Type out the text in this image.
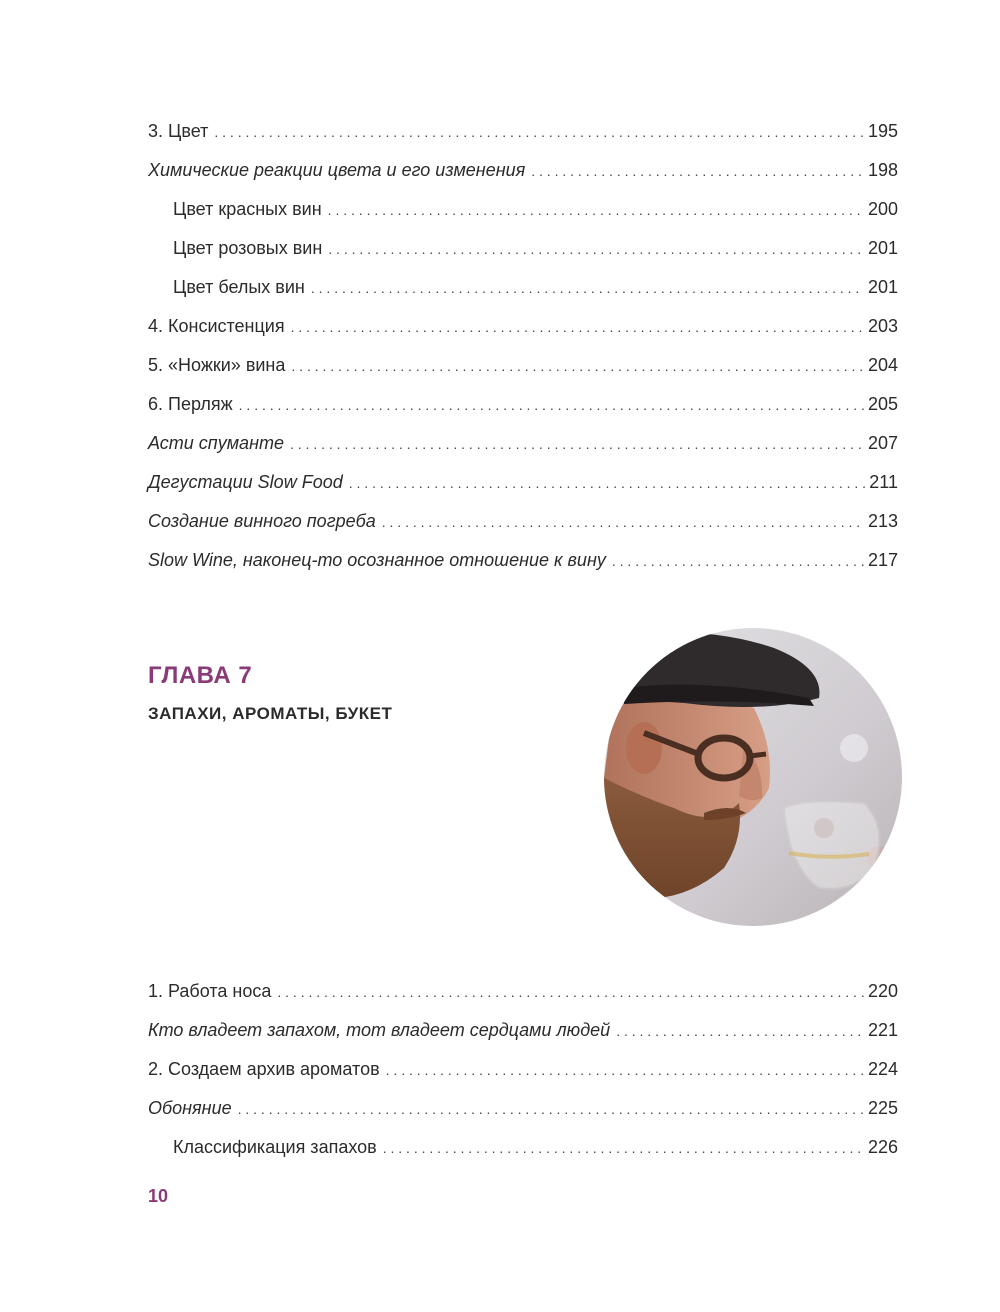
3. Цвет . . .	195
Химические реакции цвета и его изменения . . .	198
Цвет красных вин . . .	200
Цвет розовых вин . . .	201
Цвет белых вин . . .	201
4. Консистенция . . .	203
5. «Ножки» вина . . .	204
6. Перляж . . .	205
Асти спуманте . . .	207
Дегустации Slow Food . . .	211
Создание винного погреба . . .	213
Slow Wine, наконец-то осознанное отношение к вину . . .	217

ГЛАВА 7

ЗАПАХИ, АРОМАТЫ, БУКЕТ

1. Работа носа . . .	220
Кто владеет запахом, тот владеет сердцами людей . . .	221
2. Создаем архив ароматов . . .	224
Обоняние . . .	225
Классификация запахов . . .	226
10
